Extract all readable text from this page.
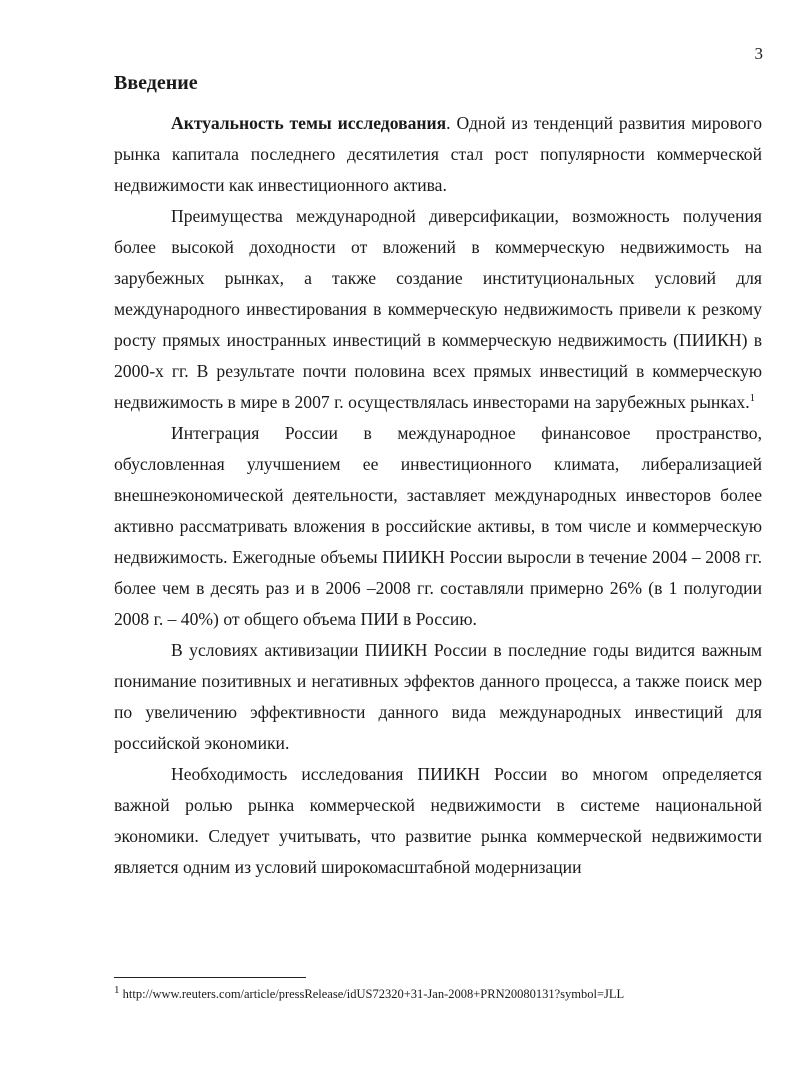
3
Введение

Актуальность темы исследования. Одной из тенденций развития мирового рынка капитала последнего десятилетия стал рост популярности коммерческой недвижимости как инвестиционного актива.

Преимущества международной диверсификации, возможность получения более высокой доходности от вложений в коммерческую недвижимость на зарубежных рынках, а также создание институциональных условий для международного инвестирования в коммерческую недвижимость привели к резкому росту прямых иностранных инвестиций в коммерческую недвижимость (ПИИКН) в 2000-х гг. В результате почти половина всех прямых инвестиций в коммерческую недвижимость в мире в 2007 г. осуществлялась инвесторами на зарубежных рынках.$^1$

Интеграция России в международное финансовое пространство, обусловленная улучшением ее инвестиционного климата, либерализацией внешнеэкономической деятельности, заставляет международных инвесторов более активно рассматривать вложения в российские активы, в том числе и коммерческую недвижимость. Ежегодные объемы ПИИКН России выросли в течение 2004 – 2008 гг. более чем в десять раз и в 2006 –2008 гг. составляли примерно 26% (в 1 полугодии 2008 г. – 40%) от общего объема ПИИ в Россию.

В условиях активизации ПИИКН России в последние годы видится важным понимание позитивных и негативных эффектов данного процесса, а также поиск мер по увеличению эффективности данного вида международных инвестиций для российской экономики.

Необходимость исследования ПИИКН России во многом определяется важной ролью рынка коммерческой недвижимости в системе национальной экономики. Следует учитывать, что развитие рынка коммерческой недвижимости является одним из условий широкомасштабной модернизации

$^1$ http://www.reuters.com/article/pressRelease/idUS72320+31-Jan-2008+PRN20080131?symbol=JLL
